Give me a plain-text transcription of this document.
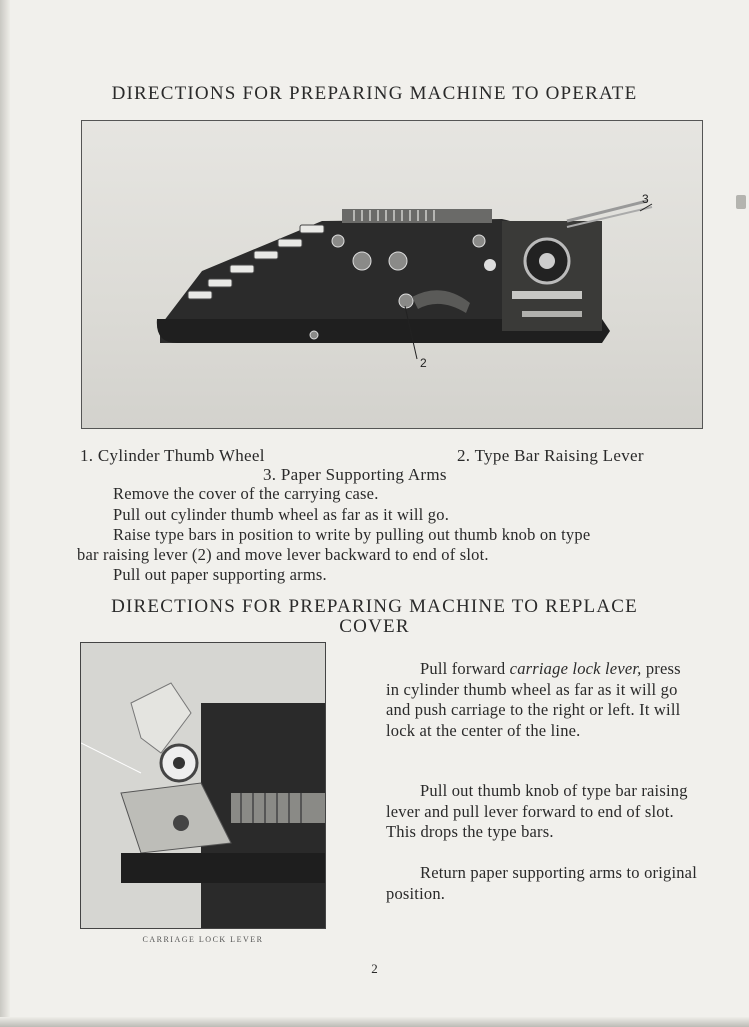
DIRECTIONS FOR PREPARING MACHINE TO OPERATE
3
2
1. Cylinder Thumb Wheel	2. Type Bar Raising Lever
3. Paper Supporting Arms
Remove the cover of the carrying case.
Pull out cylinder thumb wheel as far as it will go.
Raise type bars in position to write by pulling out thumb knob on type
bar raising lever (2) and move lever backward to end of slot.
Pull out paper supporting arms.
DIRECTIONS FOR PREPARING MACHINE TO REPLACE
COVER
CARRIAGE LOCK LEVER

Pull forward carriage lock lever, press in cylinder thumb wheel as far as it will go and push carriage to the right or left. It will lock at the center of the line.

Pull out thumb knob of type bar raising lever and pull lever forward to end of slot. This drops the type bars.

Return paper supporting arms to original position.

2
